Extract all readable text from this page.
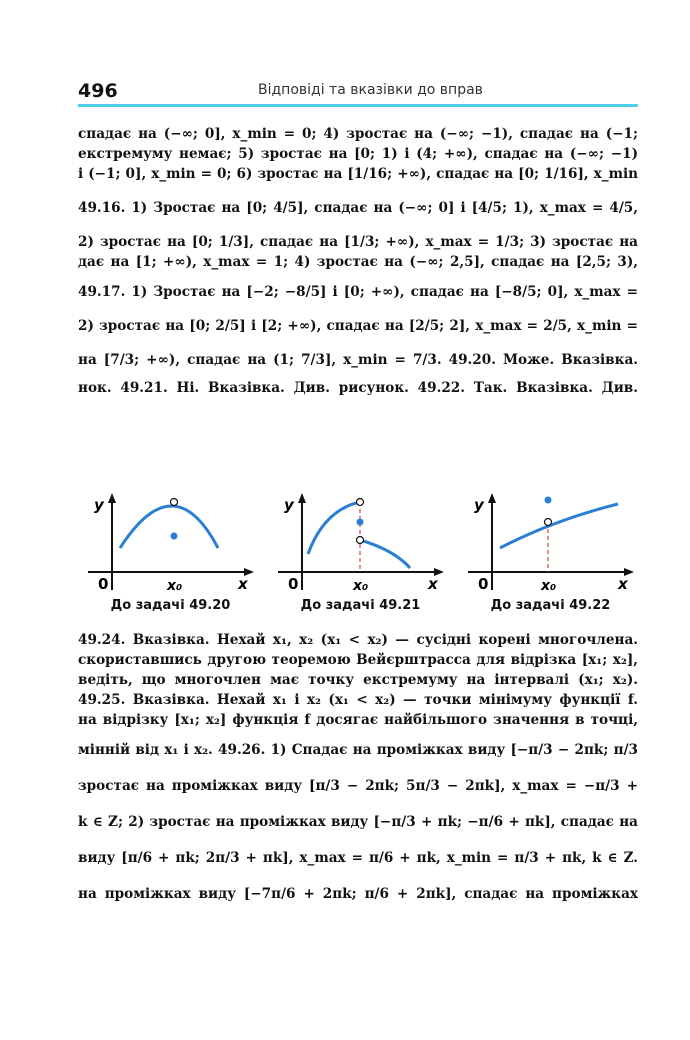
496	Відповіді та вказівки до вправ
спадає на (−∞; 0], x_min = 0; 4) зростає на (−∞; −1), спадає на (−1;
екстремуму немає; 5) зростає на [0; 1) і (4; +∞), спадає на (−∞; −1)
і (−1; 0], x_min = 0; 6) зростає на [1/16; +∞), спадає на [0; 1/16], x_min
49.16. 1) Зростає на [0; 4/5], спадає на (−∞; 0] і [4/5; 1), x_max = 4/5,
2) зростає на [0; 1/3], спадає на [1/3; +∞), x_max = 1/3; 3) зростає на
дає на [1; +∞), x_max = 1; 4) зростає на (−∞; 2,5], спадає на [2,5; 3),
49.17. 1) Зростає на [−2; −8/5] і [0; +∞), спадає на [−8/5; 0], x_max =
2) зростає на [0; 2/5] і [2; +∞), спадає на [2/5; 2], x_max = 2/5, x_min =
на [7/3; +∞), спадає на (1; 7/3], x_min = 7/3. 49.20. Може. Вказівка.
нок. 49.21. Ні. Вказівка. Див. рисунок. 49.22. Так. Вказівка. Див.
y
x
0	x₀
До задачі 49.20
y
x
0	x₀
До задачі 49.21
y
x
0	x₀
До задачі 49.22
49.24. Вказівка. Нехай x₁, x₂ (x₁ < x₂) — сусідні корені многочлена.
скориставшись другою теоремою Вейєрштрасса для відрізка [x₁; x₂],
ведіть, що многочлен має точку екстремуму на інтервалі (x₁; x₂).
49.25. Вказівка. Нехай x₁ і x₂ (x₁ < x₂) — точки мінімуму функції f.
на відрізку [x₁; x₂] функція f досягає найбільшого значення в точці,
мінній від x₁ і x₂. 49.26. 1) Спадає на проміжках виду [−π/3 − 2πk; π/3
зростає на проміжках виду [π/3 − 2πk; 5π/3 − 2πk], x_max = −π/3 +
k ∈ Z; 2) зростає на проміжках виду [−π/3 + πk; −π/6 + πk], спадає на
виду [π/6 + πk; 2π/3 + πk], x_max = π/6 + πk, x_min = π/3 + πk, k ∈ Z.
на проміжках виду [−7π/6 + 2πk; π/6 + 2πk], спадає на проміжках
